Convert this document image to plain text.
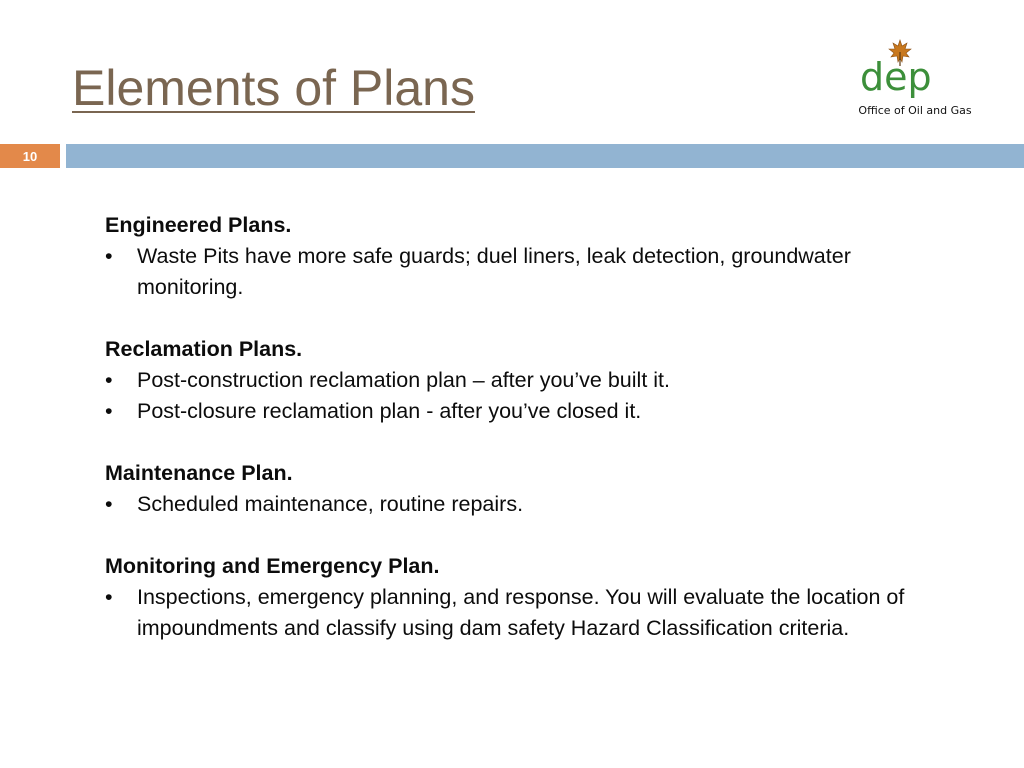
Elements of Plans	dep
Office of Oil and Gas
10
Engineered Plans.
•	Waste Pits have more safe guards; duel liners, leak detection, groundwater monitoring.
Reclamation Plans.
•	Post-construction reclamation plan – after you’ve built it.
•	Post-closure reclamation plan - after you’ve closed it.
Maintenance Plan.
•	Scheduled maintenance, routine repairs.
Monitoring and Emergency Plan.
•	Inspections, emergency planning, and response. You will evaluate the location of impoundments and classify using dam safety Hazard Classification criteria.
